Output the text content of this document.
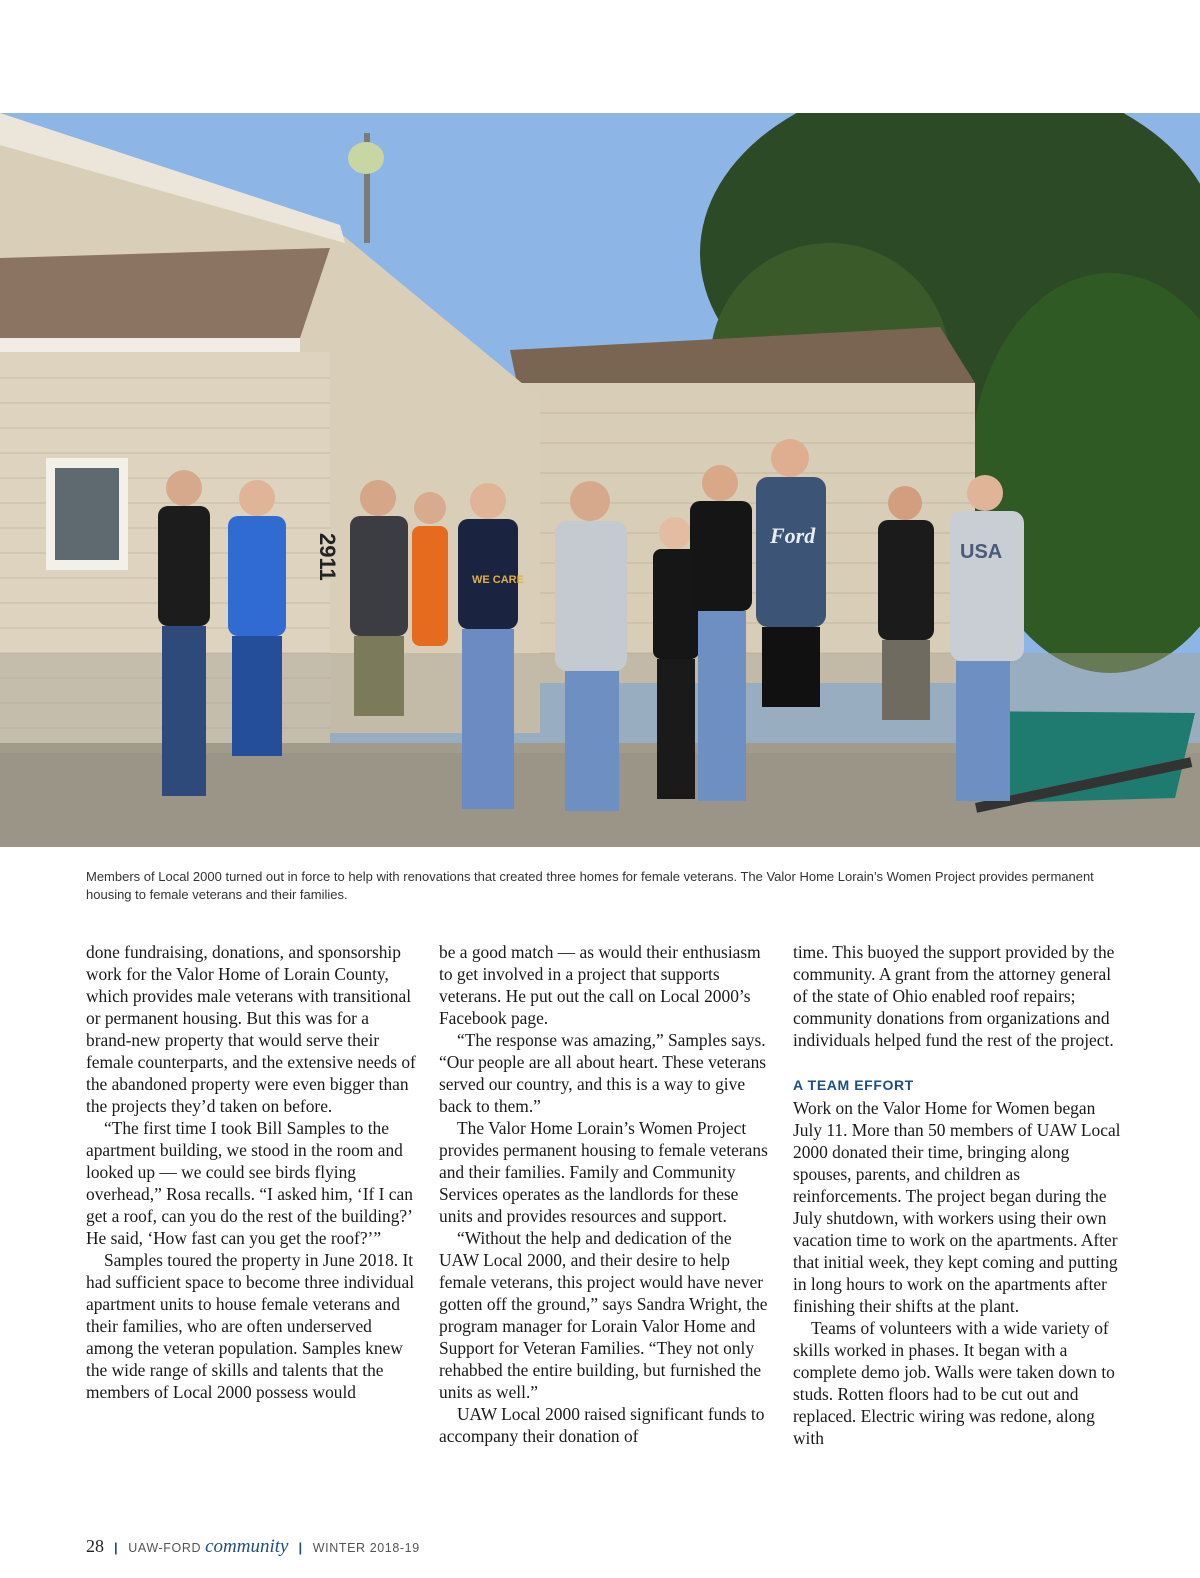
2911	WE CARE
Ford
USA
Members of Local 2000 turned out in force to help with renovations that created three homes for female veterans. The Valor Home Lorain’s Women Project provides permanent housing to female veterans and their families.

done fundraising, donations, and sponsorship work for the Valor Home of Lorain County, which provides male veterans with transitional or permanent housing. But this was for a brand-new property that would serve their female counterparts, and the extensive needs of the abandoned property were even bigger than the projects they’d taken on before.

“The first time I took Bill Samples to the apartment building, we stood in the room and looked up — we could see birds flying overhead,” Rosa recalls. “I asked him, ‘If I can get a roof, can you do the rest of the building?’ He said, ‘How fast can you get the roof?’”

Samples toured the property in June 2018. It had sufficient space to become three individual apartment units to house female veterans and their families, who are often underserved among the veteran population. Samples knew the wide range of skills and talents that the members of Local 2000 possess would

be a good match — as would their enthusiasm to get involved in a project that supports veterans. He put out the call on Local 2000’s Facebook page.

“The response was amazing,” Samples says. “Our people are all about heart. These veterans served our country, and this is a way to give back to them.”

The Valor Home Lorain’s Women Project provides permanent housing to female veterans and their families. Family and Community Services operates as the landlords for these units and provides resources and support.

“Without the help and dedication of the UAW Local 2000, and their desire to help female veterans, this project would have never gotten off the ground,” says Sandra Wright, the program manager for Lorain Valor Home and Support for Veteran Families. “They not only rehabbed the entire building, but furnished the units as well.”

UAW Local 2000 raised significant funds to accompany their donation of

time. This buoyed the support provided by the community. A grant from the attorney general of the state of Ohio enabled roof repairs; community donations from organizations and individuals helped fund the rest of the project.

A TEAM EFFORT

Work on the Valor Home for Women began July 11. More than 50 members of UAW Local 2000 donated their time, bringing along spouses, parents, and children as reinforcements. The project began during the July shutdown, with workers using their own vacation time to work on the apartments. After that initial week, they kept coming and putting in long hours to work on the apartments after finishing their shifts at the plant.

Teams of volunteers with a wide variety of skills worked in phases. It began with a complete demo job. Walls were taken down to studs. Rotten floors had to be cut out and replaced. Electric wiring was redone, along with

28 | UAW-FORD community | WINTER 2018-19
